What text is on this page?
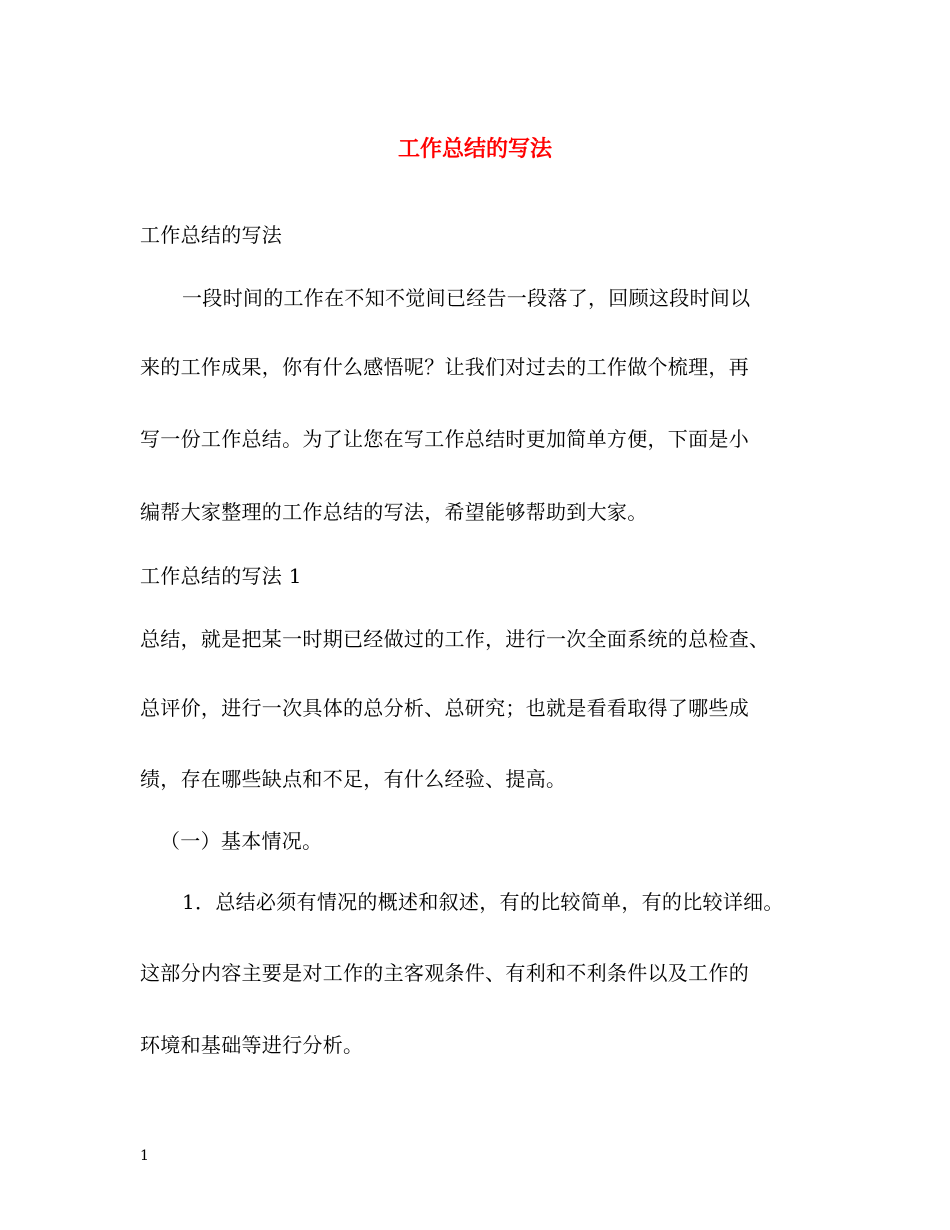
工作总结的写法
工作总结的写法
一段时间的工作在不知不觉间已经告一段落了，回顾这段时间以
来的工作成果，你有什么感悟呢？让我们对过去的工作做个梳理，再
写一份工作总结。为了让您在写工作总结时更加简单方便，下面是小
编帮大家整理的工作总结的写法，希望能够帮助到大家。
工作总结的写法 1
总结，就是把某一时期已经做过的工作，进行一次全面系统的总检查、
总评价，进行一次具体的总分析、总研究；也就是看看取得了哪些成
绩，存在哪些缺点和不足，有什么经验、提高。
（一）基本情况。
1．总结必须有情况的概述和叙述，有的比较简单，有的比较详细。
这部分内容主要是对工作的主客观条件、有利和不利条件以及工作的
环境和基础等进行分析。
1
